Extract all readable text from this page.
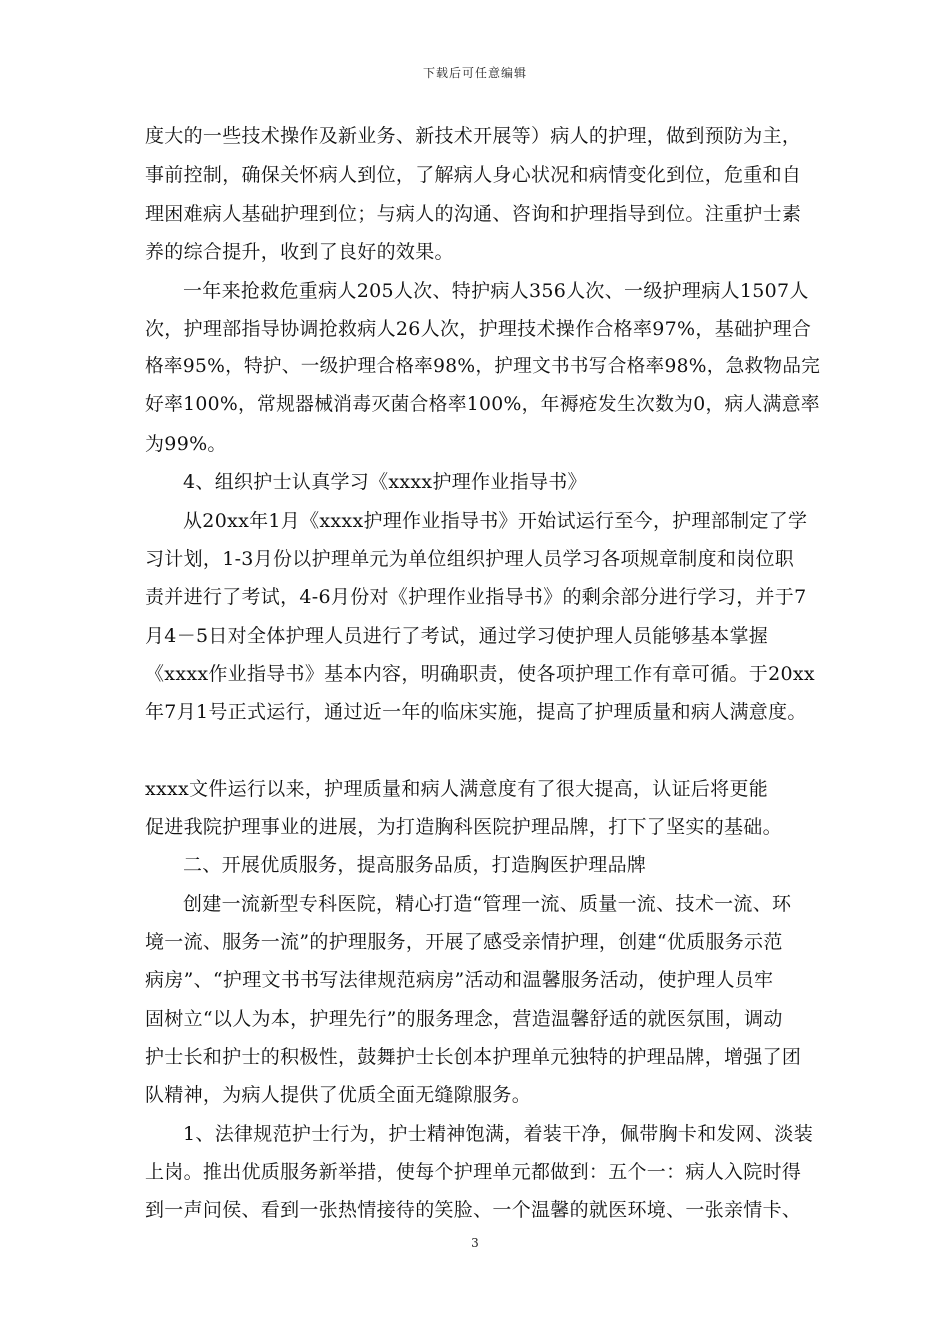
下载后可任意编辑
度大的一些技术操作及新业务、新技术开展等）病人的护理，做到预防为主，
事前控制，确保关怀病人到位，了解病人身心状况和病情变化到位，危重和自
理困难病人基础护理到位；与病人的沟通、咨询和护理指导到位。注重护士素
养的综合提升，收到了良好的效果。
一年来抢救危重病人205人次、特护病人356人次、一级护理病人1507人
次，护理部指导协调抢救病人26人次，护理技术操作合格率97%，基础护理合
格率95%，特护、一级护理合格率98%，护理文书书写合格率98%，急救物品完
好率100%，常规器械消毒灭菌合格率100%，年褥疮发生次数为0，病人满意率
为99%。
4、组织护士认真学习《xxxx护理作业指导书》
从20xx年1月《xxxx护理作业指导书》开始试运行至今，护理部制定了学
习计划，1-3月份以护理单元为单位组织护理人员学习各项规章制度和岗位职
责并进行了考试，4-6月份对《护理作业指导书》的剩余部分进行学习，并于7
月4－5日对全体护理人员进行了考试，通过学习使护理人员能够基本掌握
《xxxx作业指导书》基本内容，明确职责，使各项护理工作有章可循。于20xx
年7月1号正式运行，通过近一年的临床实施，提高了护理质量和病人满意度。
xxxx文件运行以来，护理质量和病人满意度有了很大提高，认证后将更能
促进我院护理事业的进展，为打造胸科医院护理品牌，打下了坚实的基础。
二、开展优质服务，提高服务品质，打造胸医护理品牌
创建一流新型专科医院，精心打造“管理一流、质量一流、技术一流、环
境一流、服务一流”的护理服务，开展了感受亲情护理，创建“优质服务示范
病房”、“护理文书书写法律规范病房”活动和温馨服务活动，使护理人员牢
固树立“以人为本，护理先行”的服务理念，营造温馨舒适的就医氛围，调动
护士长和护士的积极性，鼓舞护士长创本护理单元独特的护理品牌，增强了团
队精神，为病人提供了优质全面无缝隙服务。
1、法律规范护士行为，护士精神饱满，着装干净，佩带胸卡和发网、淡装
上岗。推出优质服务新举措，使每个护理单元都做到：五个一：病人入院时得
到一声问侯、看到一张热情接待的笑脸、一个温馨的就医环境、一张亲情卡、
3
